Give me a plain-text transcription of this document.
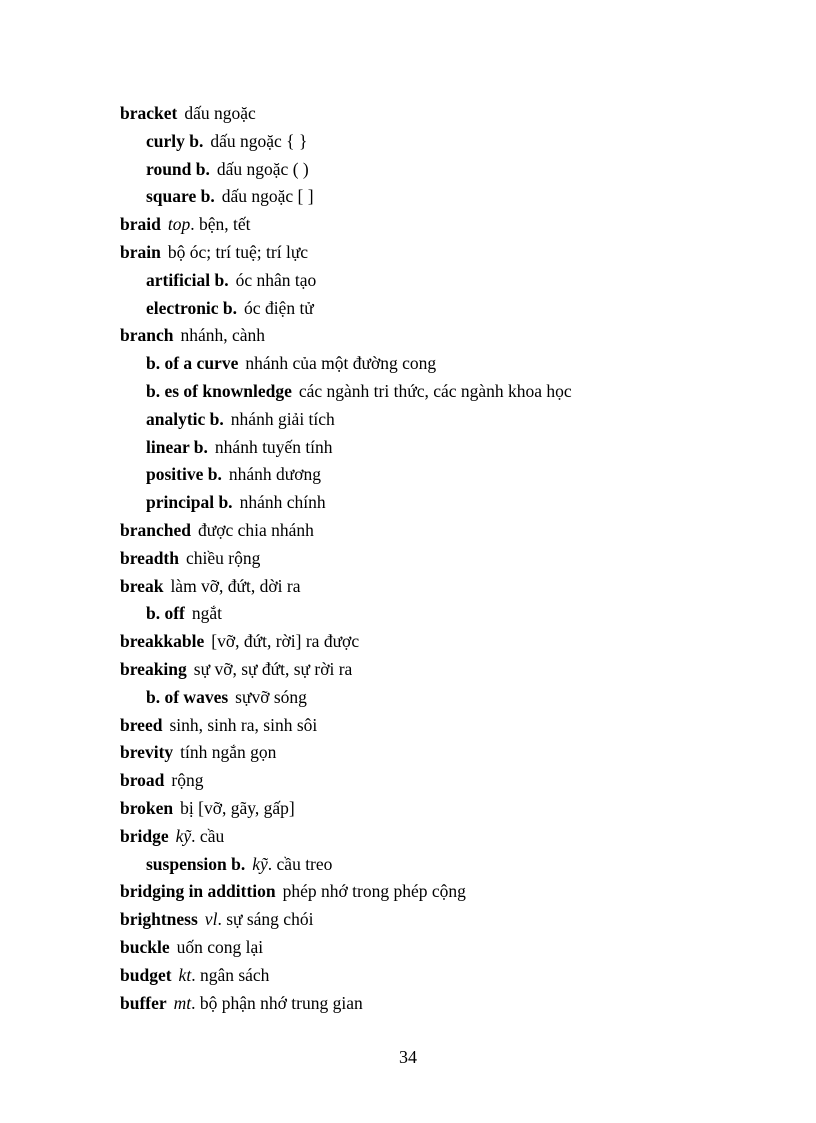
bracket dấu ngoặc
curly b. dấu ngoặc { }
round b. dấu ngoặc ( )
square b. dấu ngoặc [ ]
braid top. bện, tết
brain bộ óc; trí tuệ; trí lực
artificial b. óc nhân tạo
electronic b. óc điện tử
branch nhánh, cành
b. of a curve nhánh của một đường cong
b. es of knownledge các ngành tri thức, các ngành khoa học
analytic b. nhánh giải tích
linear b. nhánh tuyến tính
positive b. nhánh dương
principal b. nhánh chính
branched được chia nhánh
breadth chiều rộng
break làm vỡ, đứt, dời ra
b. off ngắt
breakkable [vỡ, đứt, rời] ra được
breaking sự vỡ, sự đứt, sự rời ra
b. of waves sựvỡ sóng
breed sinh, sinh ra, sinh sôi
brevity tính ngắn gọn
broad rộng
broken bị [vỡ, gãy, gấp]
bridge kỹ. cầu
suspension b. kỹ. cầu treo
bridging in addittion phép nhớ trong phép cộng
brightness vl. sự sáng chói
buckle uốn cong lại
budget kt. ngân sách
buffer mt. bộ phận nhớ trung gian
34
